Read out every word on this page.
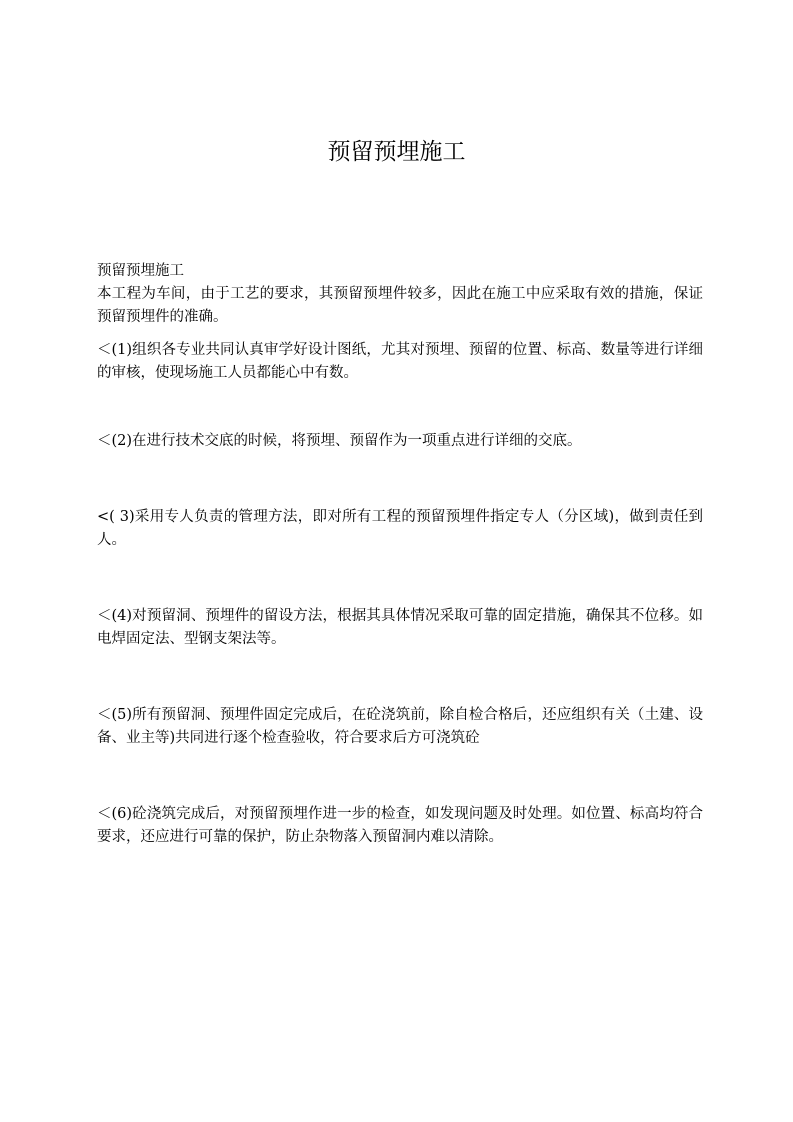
预留预埋施工

预留预埋施工

本工程为车间，由于工艺的要求，其预留预埋件较多，因此在施工中应采取有效的措施，保证预留预埋件的准确。

＜(1)组织各专业共同认真审学好设计图纸，尤其对预埋、预留的位置、标高、数量等进行详细的审核，使现场施工人员都能心中有数。

＜(2)在进行技术交底的时候，将预埋、预留作为一项重点进行详细的交底。

<( 3)采用专人负责的管理方法，即对所有工程的预留预埋件指定专人（分区域)，做到责任到人。

＜(4)对预留洞、预埋件的留设方法，根据其具体情况采取可靠的固定措施，确保其不位移。如电焊固定法、型钢支架法等。

＜(5)所有预留洞、预埋件固定完成后，在砼浇筑前，除自检合格后，还应组织有关（土建、设备、业主等)共同进行逐个检查验收，符合要求后方可浇筑砼

＜(6)砼浇筑完成后，对预留预埋作进一步的检查，如发现问题及时处理。如位置、标高均符合要求，还应进行可靠的保护，防止杂物落入预留洞内难以清除。
